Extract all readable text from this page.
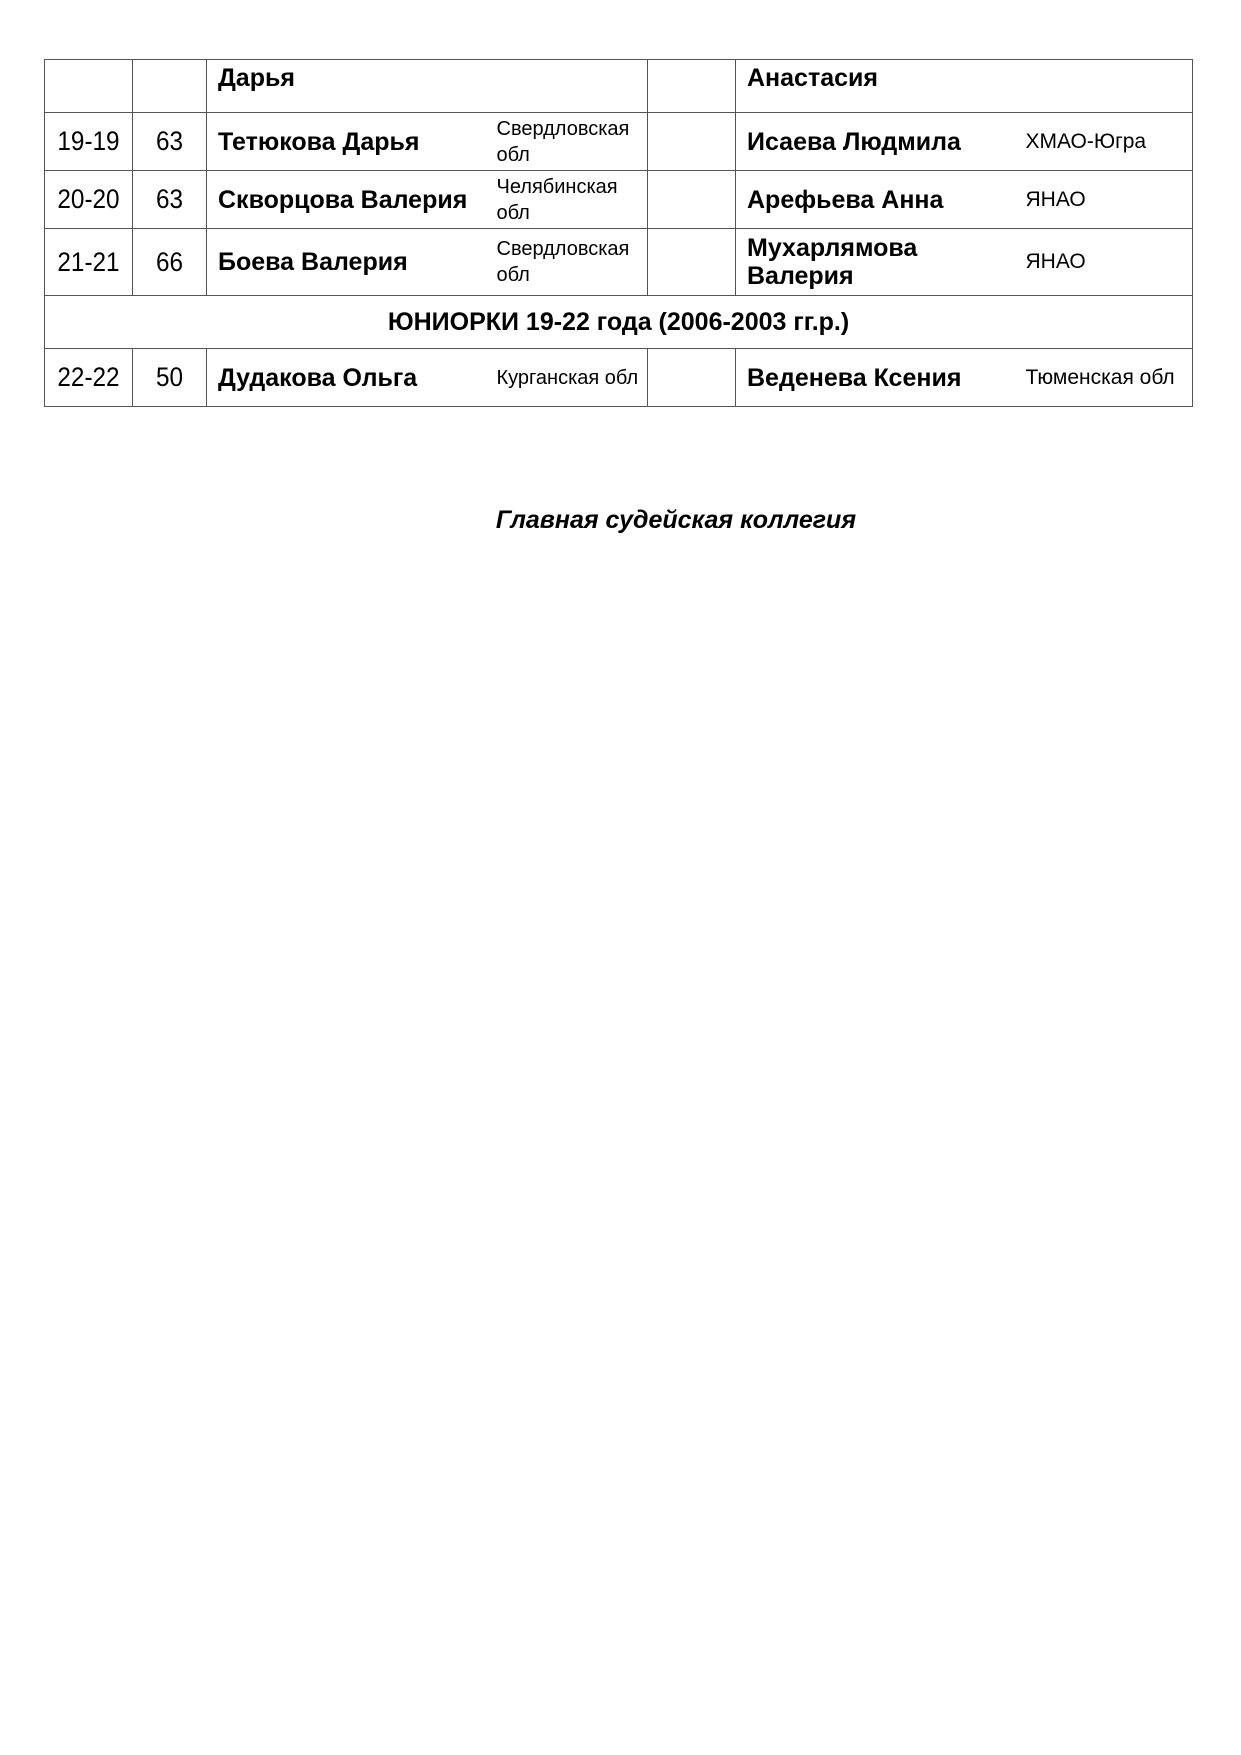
		Дарья			Анастасия	

19-19	63	Тетюкова Дарья	Свердловская обл		Исаева Людмила	ХМАО-Югра

20-20	63	Скворцова Валерия	Челябинская обл		Арефьева Анна	ЯНАО

21-21	66	Боева Валерия	Свердловская обл		Мухарлямова Валерия	ЯНАО

ЮНИОРКИ 19-22 года (2006-2003 гг.р.)						

22-22	50	Дудакова Ольга	Курганская обл		Веденева Ксения	Тюменская обл
Главная судейская коллегия
